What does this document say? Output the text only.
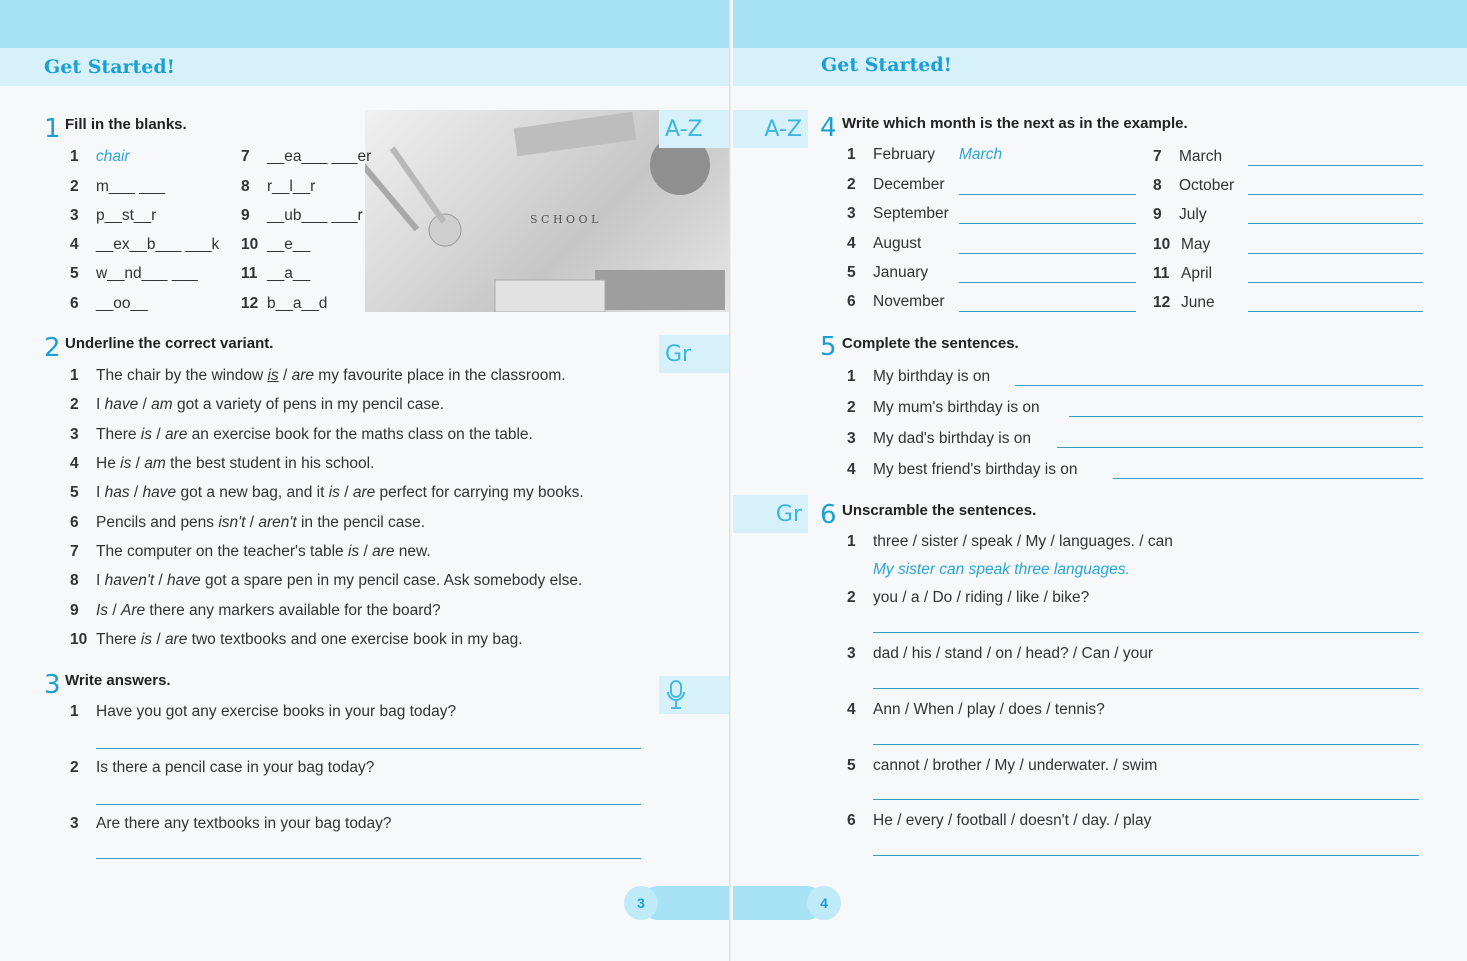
Get Started!
S C H O O L
A-Z
1 Fill in the blanks.
1 chair
2 m___ ___
3 p__st__r
4 __ex__b___ ___k
5 w__nd___ ___
6 __oo__
7 __ea___ ___er
8 r__l__r
9 __ub___ ___r
10 __e__
11 __a__
12 b__a__d
Gr
2 Underline the correct variant.
1 The chair by the window is / are my favourite place in the classroom.
2 I have / am got a variety of pens in my pencil case.
3 There is / are an exercise book for the maths class on the table.
4 He is / am the best student in his school.
5 I has / have got a new bag, and it is / are perfect for carrying my books.
6 Pencils and pens isn't / aren't in the pencil case.
7 The computer on the teacher's table is / are new.
8 I haven't / have got a spare pen in my pencil case. Ask somebody else.
9 Is / Are there any markers available for the board?
10 There is / are two textbooks and one exercise book in my bag.
3 Write answers.
1 Have you got any exercise books in your bag today?
2 Is there a pencil case in your bag today?
3 Are there any textbooks in your bag today?
3
Get Started!
A-Z 4 Write which month is the next as in the example.
1 February March
2 December
3 September
4 August
5 January
6 November
7 March
8 October
9 July
10 May
11 April
12 June
5 Complete the sentences.
1 My birthday is on
2 My mum's birthday is on
3 My dad's birthday is on
4 My best friend's birthday is on
Gr 6 Unscramble the sentences.
1 three / sister / speak / My / languages. / can
My sister can speak three languages.
2 you / a / Do / riding / like / bike?
3 dad / his / stand / on / head? / Can / your
4 Ann / When / play / does / tennis?
5 cannot / brother / My / underwater. / swim
6 He / every / football / doesn't / day. / play
4
